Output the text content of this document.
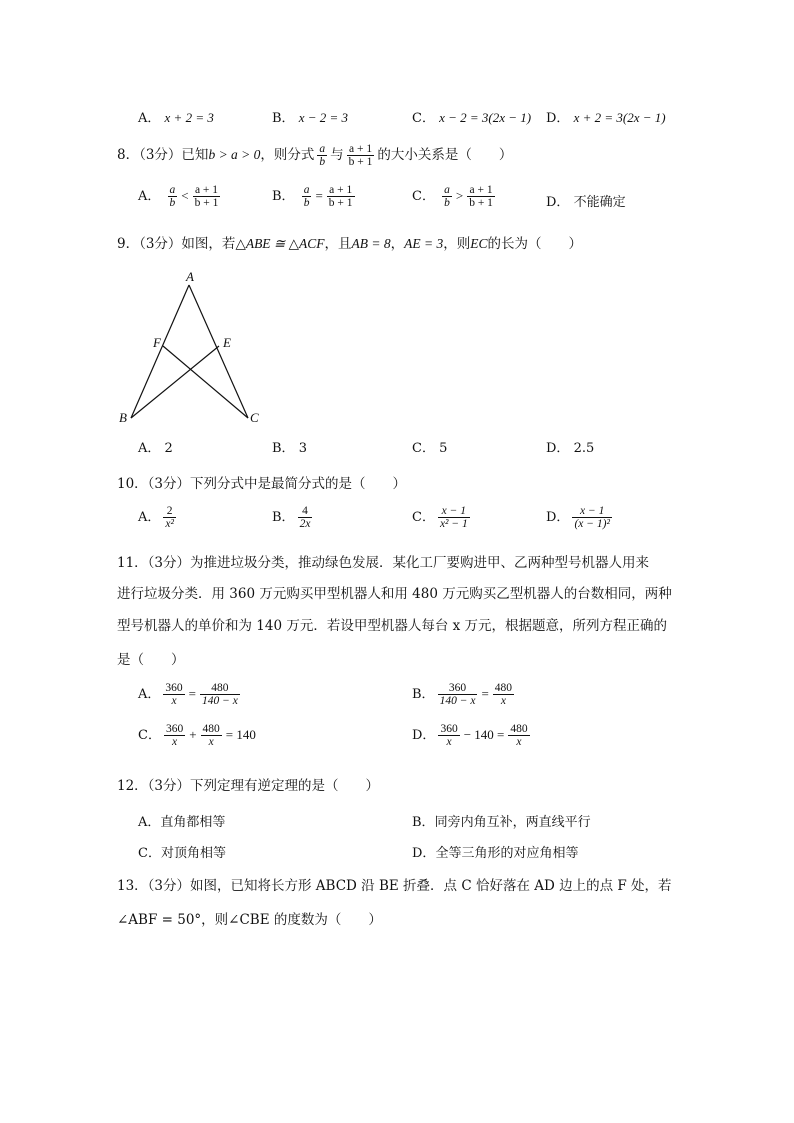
A． x + 2 = 3	B． x − 2 = 3	C． x − 2 = 3(2x − 1) D． x + 2 = 3(2x − 1)
8．（3分）已知b > a > 0，则分式 $\frac{a}{b}$ 与 $\frac{a + 1}{b + 1}$ 的大小关系是（　　）
A． $\frac{a}{b} < \frac{a + 1}{b + 1}$	B． $\frac{a}{b} = \frac{a + 1}{b + 1}$	C． $\frac{a}{b} > \frac{a + 1}{b + 1}$	D． 不能确定
9．（3分）如图，若△ABE ≅ △ACF，且AB = 8，AE = 3，则EC的长为（　　）
A
B	C
E
F
A． 2	B． 3	C． 5	D． 2.5
10．（3分）下列分式中是最简分式的是（　　）
A． $\frac{2}{\text{x²}}$	B． $\frac{4}{2x}$	C． $\frac{x - 1}{\text{x² − 1}}$	D． $\frac{x - 1}{\text{(x − 1)²}}$
11．（3分）为推进垃圾分类，推动绿色发展．某化工厂要购进甲、乙两种型号机器人用来
进行垃圾分类．用 360 万元购买甲型机器人和用 480 万元购买乙型机器人的台数相同，两种
型号机器人的单价和为 140 万元．若设甲型机器人每台 x 万元，根据题意，所列方程正确的
是（　　）
A． $\frac{360}{x} = \frac{480}{140 - x}$	B． $\frac{360}{140 - x} = \frac{480}{x}$
C． $\frac{360}{x} + \frac{480}{x} = 140$	D． $\frac{360}{x} - 140 = \frac{480}{x}$
12．（3分）下列定理有逆定理的是（　　）
A．直角都相等	B．同旁内角互补，两直线平行
C．对顶角相等	D．全等三角形的对应角相等
13．（3分）如图，已知将长方形 ABCD 沿 BE 折叠．点 C 恰好落在 AD 边上的点 F 处，若
∠ABF = 50°，则∠CBE 的度数为（　　）
